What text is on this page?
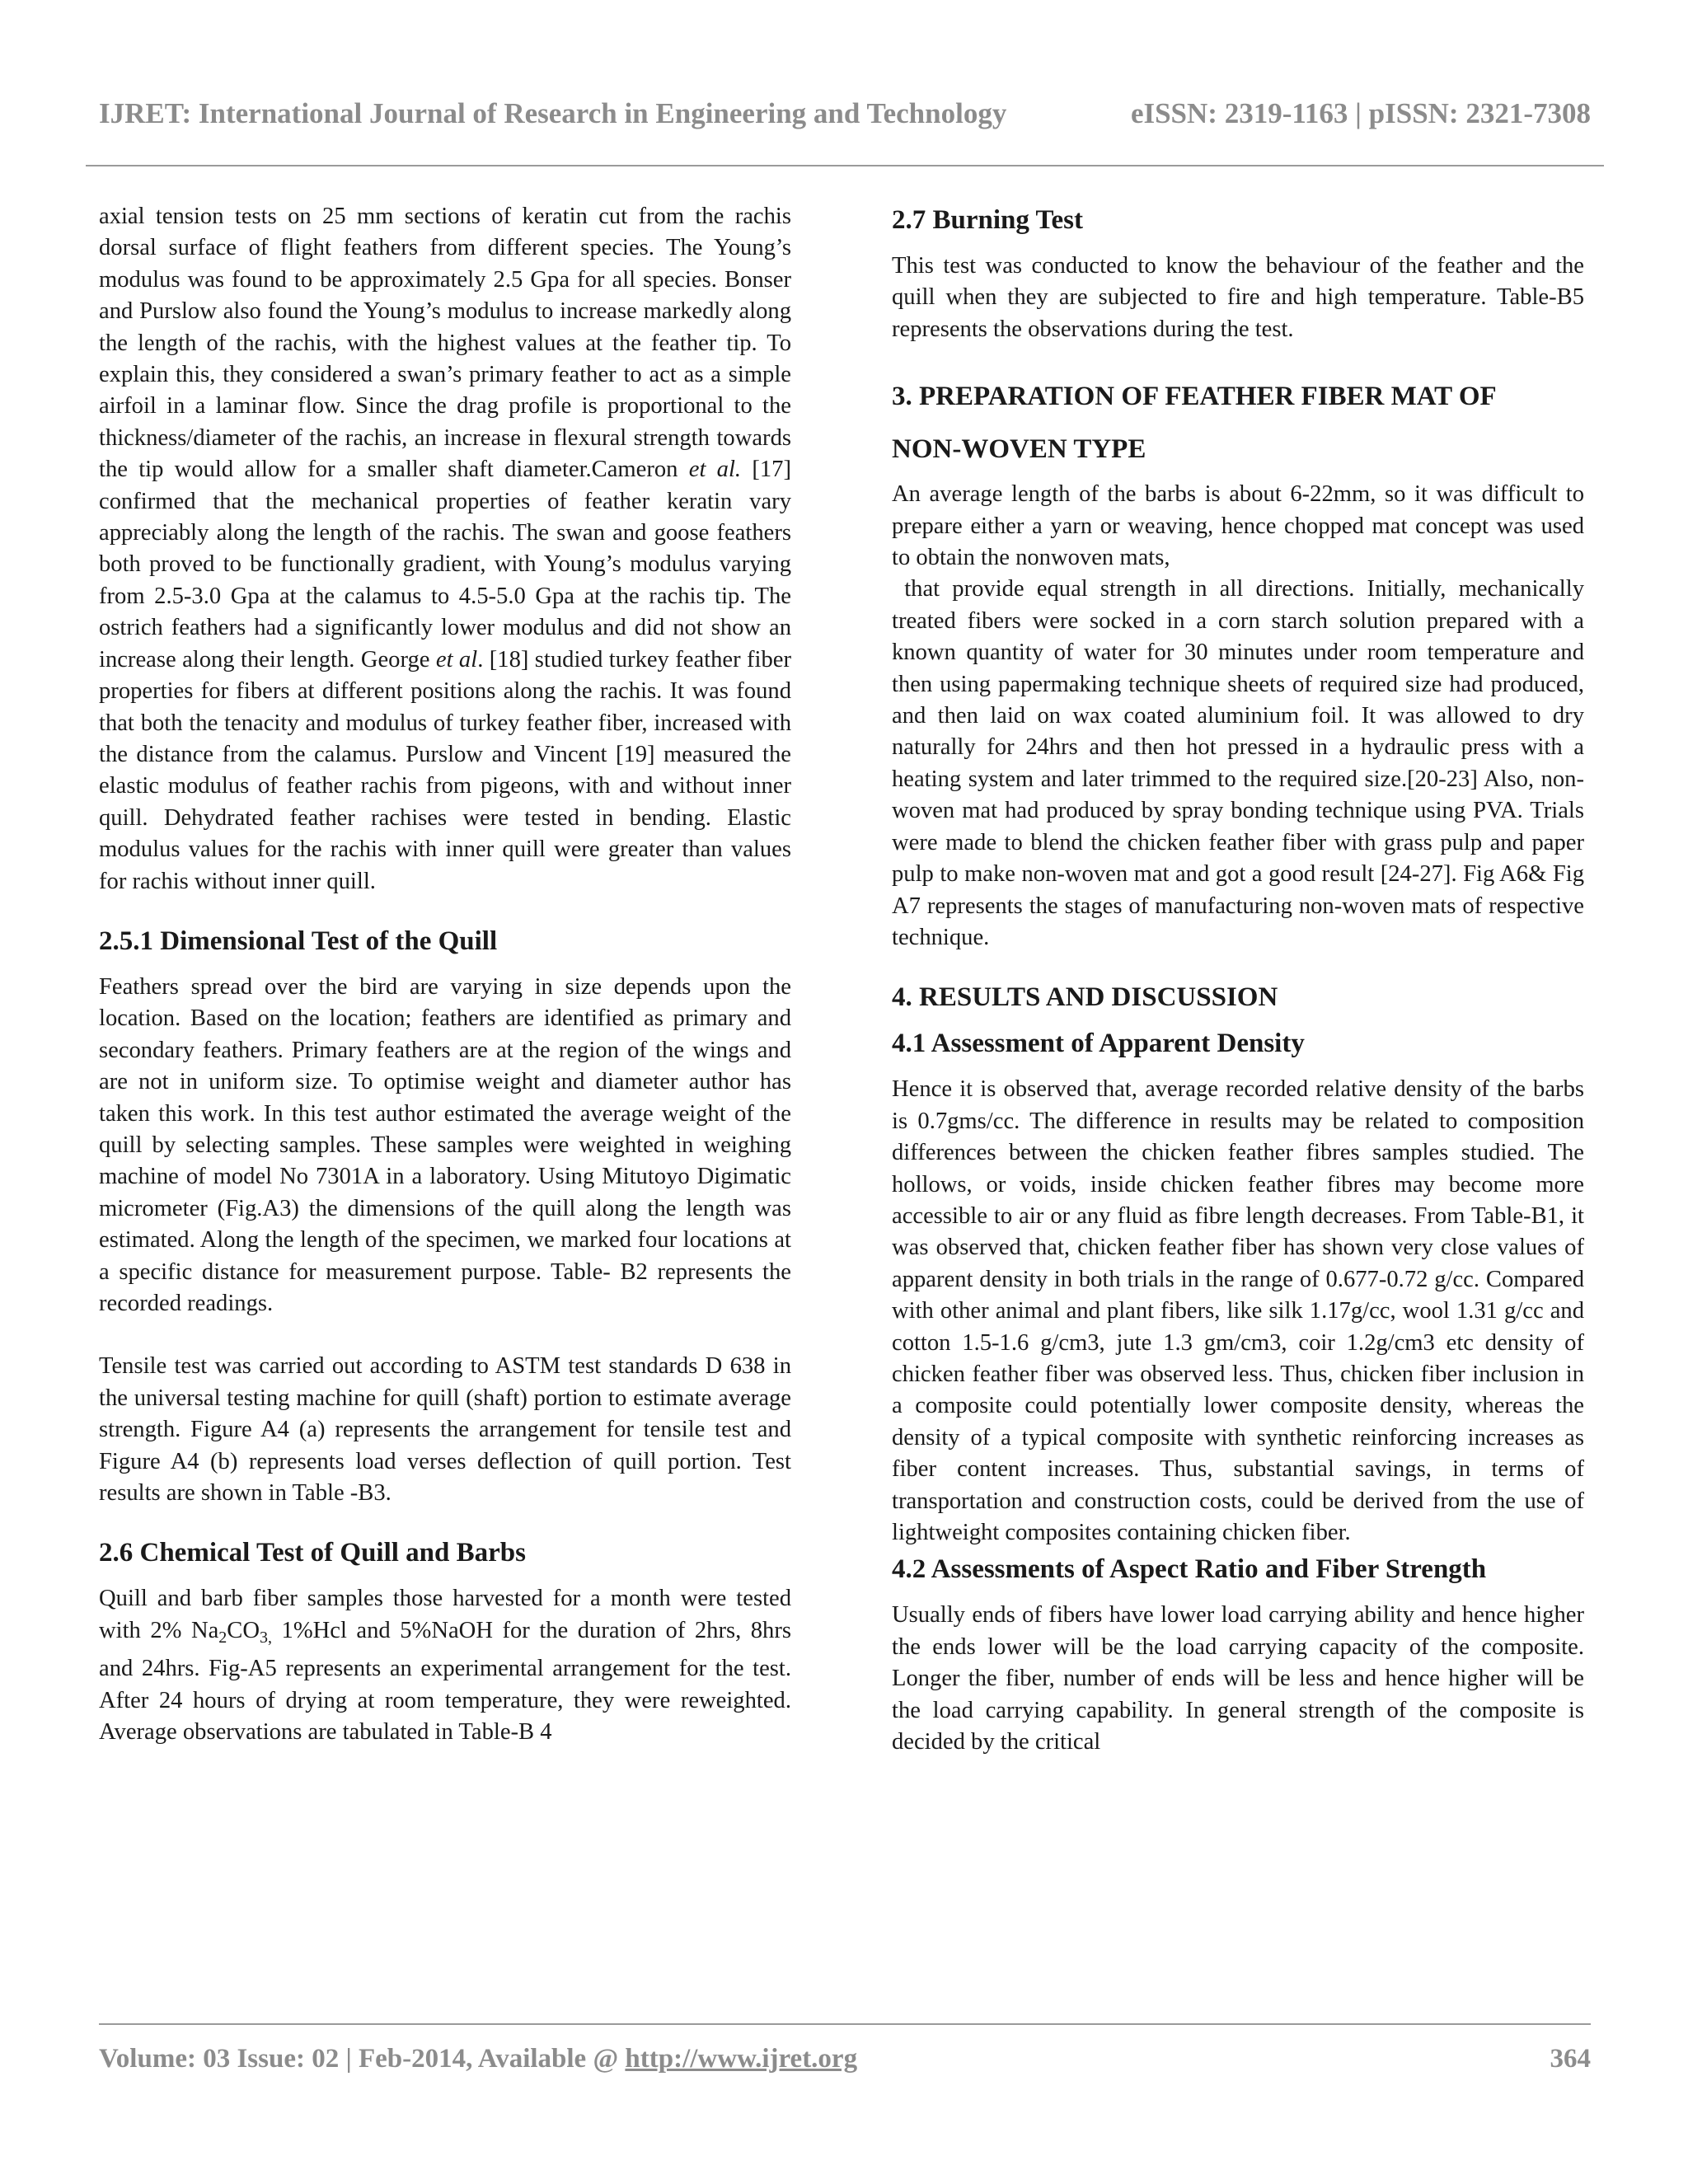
IJRET: International Journal of Research in Engineering and Technology	eISSN: 2319-1163 | pISSN: 2321-7308

axial tension tests on 25 mm sections of keratin cut from the rachis dorsal surface of flight feathers from different species. The Young’s modulus was found to be approximately 2.5 Gpa for all species. Bonser and Purslow also found the Young’s modulus to increase markedly along the length of the rachis, with the highest values at the feather tip. To explain this, they considered a swan’s primary feather to act as a simple airfoil in a laminar flow. Since the drag profile is proportional to the thickness/diameter of the rachis, an increase in flexural strength towards the tip would allow for a smaller shaft diameter.Cameron et al. [17] confirmed that the mechanical properties of feather keratin vary appreciably along the length of the rachis. The swan and goose feathers both proved to be functionally gradient, with Young’s modulus varying from 2.5-3.0 Gpa at the calamus to 4.5-5.0 Gpa at the rachis tip. The ostrich feathers had a significantly lower modulus and did not show an increase along their length. George et al. [18] studied turkey feather fiber properties for fibers at different positions along the rachis. It was found that both the tenacity and modulus of turkey feather fiber, increased with the distance from the calamus. Purslow and Vincent [19] measured the elastic modulus of feather rachis from pigeons, with and without inner quill. Dehydrated feather rachises were tested in bending. Elastic modulus values for the rachis with inner quill were greater than values for rachis without inner quill.

2.5.1 Dimensional Test of the Quill

Feathers spread over the bird are varying in size depends upon the location. Based on the location; feathers are identified as primary and secondary feathers. Primary feathers are at the region of the wings and are not in uniform size. To optimise weight and diameter author has taken this work. In this test author estimated the average weight of the quill by selecting samples. These samples were weighted in weighing machine of model No 7301A in a laboratory. Using Mitutoyo Digimatic micrometer (Fig.A3) the dimensions of the quill along the length was estimated. Along the length of the specimen, we marked four locations at a specific distance for measurement purpose. Table- B2 represents the recorded readings.

Tensile test was carried out according to ASTM test standards D 638 in the universal testing machine for quill (shaft) portion to estimate average strength. Figure A4 (a) represents the arrangement for tensile test and Figure A4 (b) represents load verses deflection of quill portion. Test results are shown in Table -B3.

2.6 Chemical Test of Quill and Barbs

Quill and barb fiber samples those harvested for a month were tested with 2% $Na_2CO_{3,}$ 1%Hcl and 5%NaOH for the duration of 2hrs, 8hrs and 24hrs. Fig-A5 represents an experimental arrangement for the test. After 24 hours of drying at room temperature, they were reweighted. Average observations are tabulated in Table-B 4

2.7 Burning Test

This test was conducted to know the behaviour of the feather and the quill when they are subjected to fire and high temperature. Table-B5 represents the observations during the test.

3. PREPARATION OF FEATHER FIBER MAT OF
NON-WOVEN TYPE

An average length of the barbs is about 6-22mm, so it was difficult to prepare either a yarn or weaving, hence chopped mat concept was used to obtain the nonwoven mats,

that provide equal strength in all directions. Initially, mechanically treated fibers were socked in a corn starch solution prepared with a known quantity of water for 30 minutes under room temperature and then using papermaking technique sheets of required size had produced, and then laid on wax coated aluminium foil. It was allowed to dry naturally for 24hrs and then hot pressed in a hydraulic press with a heating system and later trimmed to the required size.[20-23] Also, non-woven mat had produced by spray bonding technique using PVA. Trials were made to blend the chicken feather fiber with grass pulp and paper pulp to make non-woven mat and got a good result [24-27]. Fig A6& Fig A7 represents the stages of manufacturing non-woven mats of respective technique.

4. RESULTS AND DISCUSSION
4.1 Assessment of Apparent Density

Hence it is observed that, average recorded relative density of the barbs is 0.7gms/cc. The difference in results may be related to composition differences between the chicken feather fibres samples studied. The hollows, or voids, inside chicken feather fibres may become more accessible to air or any fluid as fibre length decreases. From Table-B1, it was observed that, chicken feather fiber has shown very close values of apparent density in both trials in the range of 0.677-0.72 g/cc. Compared with other animal and plant fibers, like silk 1.17g/cc, wool 1.31 g/cc and cotton 1.5-1.6 g/cm3, jute 1.3 gm/cm3, coir 1.2g/cm3 etc density of chicken feather fiber was observed less. Thus, chicken fiber inclusion in a composite could potentially lower composite density, whereas the density of a typical composite with synthetic reinforcing increases as fiber content increases. Thus, substantial savings, in terms of transportation and construction costs, could be derived from the use of lightweight composites containing chicken fiber.

4.2 Assessments of Aspect Ratio and Fiber Strength

Usually ends of fibers have lower load carrying ability and hence higher the ends lower will be the load carrying capacity of the composite. Longer the fiber, number of ends will be less and hence higher will be the load carrying capability. In general strength of the composite is decided by the critical

Volume: 03 Issue: 02 | Feb-2014, Available @ http://www.ijret.org	364
